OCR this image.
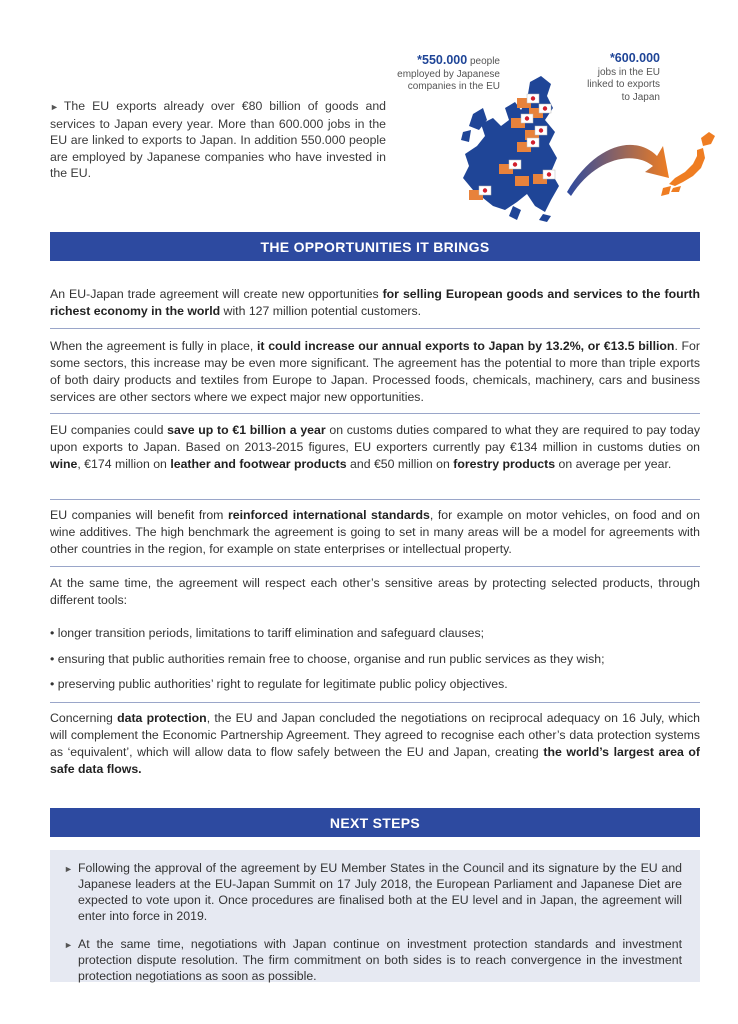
► The EU exports already over €80 billion of goods and services to Japan every year. More than 600.000 jobs in the EU are linked to exports to Japan. In addition 550.000 people are employed by Japanese companies who have invested in the EU.
*550.000 people
employed by Japanese
companies in the EU
*600.000
jobs in the EU
linked to exports
to Japan
THE OPPORTUNITIES IT BRINGS
An EU-Japan trade agreement will create new opportunities for selling European goods and services to the fourth richest economy in the world with 127 million potential customers.
When the agreement is fully in place, it could increase our annual exports to Japan by 13.2%, or €13.5 billion. For some sectors, this increase may be even more significant. The agreement has the potential to more than triple exports of both dairy products and textiles from Europe to Japan. Processed foods, chemicals, machinery, cars and business services are other sectors where we expect major new opportunities.
EU companies could save up to €1 billion a year on customs duties compared to what they are required to pay today upon exports to Japan. Based on 2013-2015 figures, EU exporters currently pay €134 million in customs duties on wine, €174 million on leather and footwear products and €50 million on forestry products on average per year.
EU companies will benefit from reinforced international standards, for example on motor vehicles, on food and on wine additives. The high benchmark the agreement is going to set in many areas will be a model for agreements with other countries in the region, for example on state enterprises or intellectual property.
At the same time, the agreement will respect each other’s sensitive areas by protecting selected products, through different tools:
• longer transition periods, limitations to tariff elimination and safeguard clauses;
• ensuring that public authorities remain free to choose, organise and run public services as they wish;
• preserving public authorities’ right to regulate for legitimate public policy objectives.
Concerning data protection, the EU and Japan concluded the negotiations on reciprocal adequacy on 16 July, which will complement the Economic Partnership Agreement. They agreed to recognise each other’s data protection systems as ‘equivalent’, which will allow data to flow safely between the EU and Japan, creating the world’s largest area of safe data flows.
NEXT STEPS
► Following the approval of the agreement by EU Member States in the Council and its signature by the EU and Japanese leaders at the EU-Japan Summit on 17 July 2018, the European Parliament and Japanese Diet are expected to vote upon it. Once procedures are finalised both at the EU level and in Japan, the agreement will enter into force in 2019.
► At the same time, negotiations with Japan continue on investment protection standards and investment protection dispute resolution. The firm commitment on both sides is to reach convergence in the investment protection negotiations as soon as possible.
